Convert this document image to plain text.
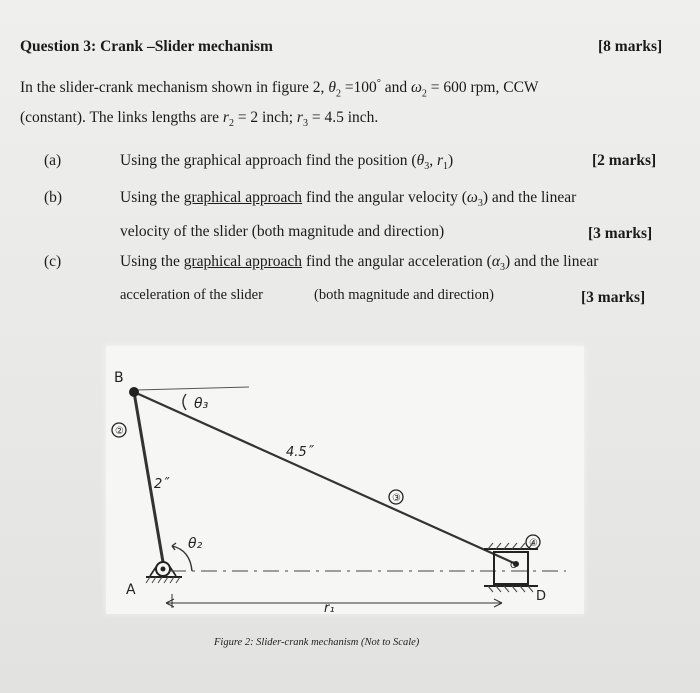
Question 3: Crank –Slider mechanism	[8 marks]
In the slider-crank mechanism shown in figure 2, $\theta_2 =100^\circ$ and $\omega_2 = 600$ rpm, CCW
(constant). The links lengths are $r_2 = 2$ inch; $r_3 = 4.5$ inch.
(a)	Using the graphical approach find the position ($\theta_3$, $r_1$)	[2 marks]
(b)	Using the graphical approach find the angular velocity $(\omega_3)$ and the linear
velocity of the slider (both magnitude and direction)	[3 marks]
(c)	Using the graphical approach find the angular acceleration $(\alpha_3)$ and the linear
acceleration of the slider	(both magnitude and direction)	[3 marks]
B
A
②
③
④
C
D
2˝
4.5˝
θ₂
θ₃
r₁
Figure 2: Slider-crank mechanism (Not to Scale)
